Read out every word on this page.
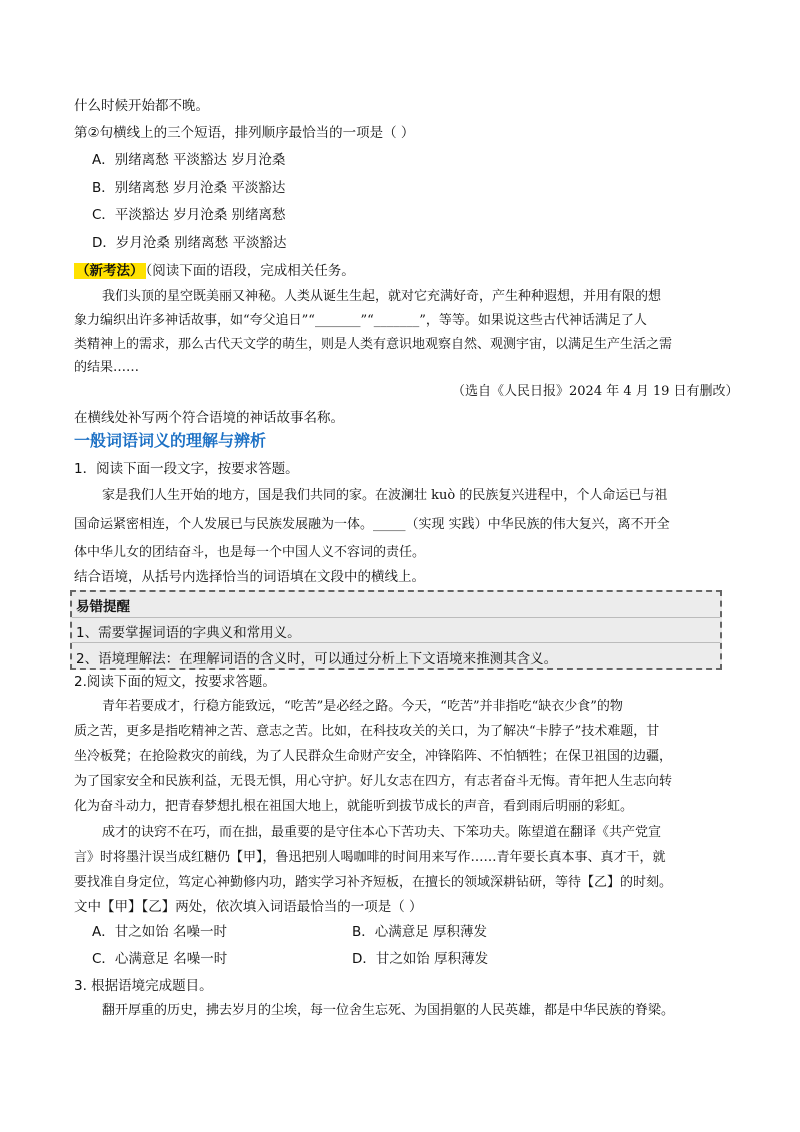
什么时候开始都不晚。
第②句横线上的三个短语，排列顺序最恰当的一项是（ ）
A．别绪离愁 平淡豁达 岁月沧桑
B．别绪离愁 岁月沧桑 平淡豁达
C．平淡豁达 岁月沧桑 别绪离愁
D．岁月沧桑 别绪离愁 平淡豁达
（新考法） （阅读下面的语段，完成相关任务。
我们头顶的星空既美丽又神秘。人类从诞生生起，就对它充满好奇，产生种种遐想，并用有限的想
象力编织出许多神话故事，如“夸父追日”“_______”“_______”，等等。如果说这些古代神话满足了人
类精神上的需求，那么古代天文学的萌生，则是人类有意识地观察自然、观测宇宙，以满足生产生活之需
的结果……
（选自《人民日报》2024 年 4 月 19 日有删改）
在横线处补写两个符合语境的神话故事名称。
一般词语词义的理解与辨析
1．阅读下面一段文字，按要求答题。
家是我们人生开始的地方，国是我们共同的家。在波澜壮 kuò 的民族复兴进程中，个人命运已与祖
国命运紧密相连，个人发展已与民族发展融为一体。_____（实现 实践）中华民族的伟大复兴，离不开全
体中华儿女的团结奋斗，也是每一个中国人义不容词的责任。
结合语境，从括号内选择恰当的词语填在文段中的横线上。
易错提醒
1、需要掌握词语的字典义和常用义。
2、语境理解法：在理解词语的含义时，可以通过分析上下文语境来推测其含义。
2.阅读下面的短文，按要求答题。
青年若要成才，行稳方能致远，“吃苦”是必经之路。今天，“吃苦”并非指吃“缺衣少食”的物
质之苦，更多是指吃精神之苦、意志之苦。比如，在科技攻关的关口，为了解决“卡脖子”技术难题，甘
坐冷板凳；在抢险救灾的前线，为了人民群众生命财产安全，冲锋陷阵、不怕牺牲；在保卫祖国的边疆，
为了国家安全和民族利益，无畏无惧，用心守护。好儿女志在四方，有志者奋斗无悔。青年把人生志向转
化为奋斗动力，把青春梦想扎根在祖国大地上，就能听到拔节成长的声音，看到雨后明丽的彩虹。
成才的诀窍不在巧，而在拙，最重要的是守住本心下苦功夫、下笨功夫。陈望道在翻译《共产党宣
言》时将墨汁误当成红糖仍【甲】，鲁迅把别人喝咖啡的时间用来写作……青年要长真本事、真才干，就
要找准自身定位，笃定心神勤修内功，踏实学习补齐短板，在擅长的领域深耕钻研，等待【乙】的时刻。
文中【甲】【乙】两处，依次填入词语最恰当的一项是（ ）
A．甘之如饴 名噪一时	B．心满意足 厚积薄发
C．心满意足 名噪一时	D．甘之如饴 厚积薄发
3. 根据语境完成题目。
翻开厚重的历史，拂去岁月的尘埃，每一位舍生忘死、为国捐躯的人民英雄，都是中华民族的脊梁。
